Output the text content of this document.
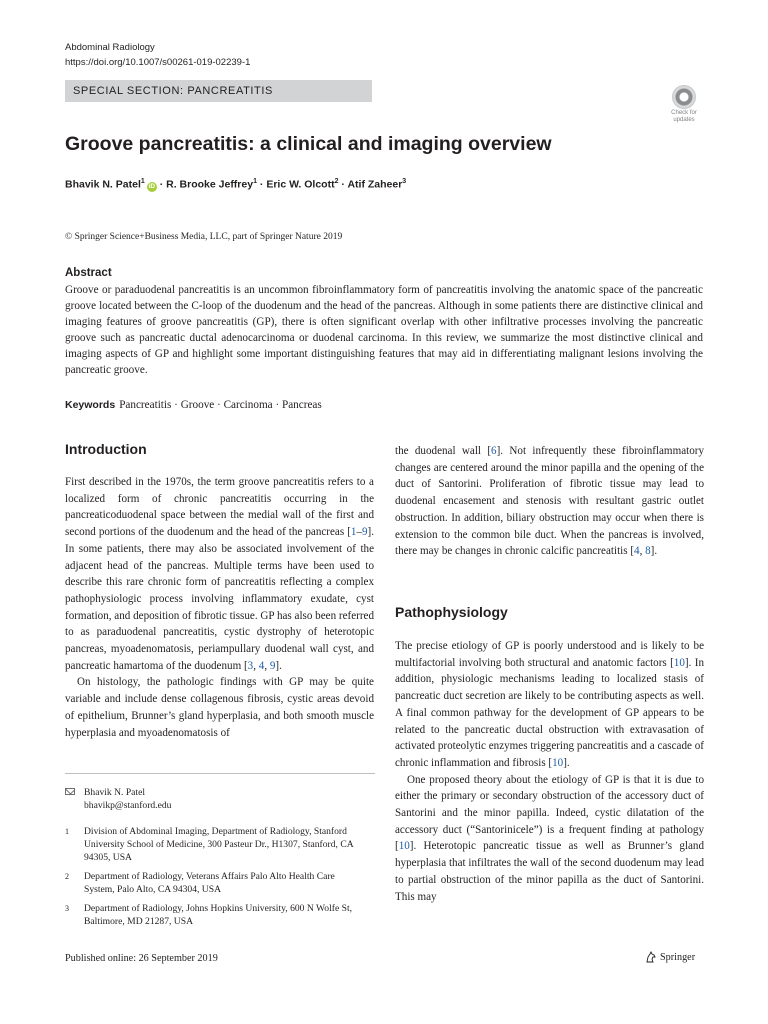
Abdominal Radiology
https://doi.org/10.1007/s00261-019-02239-1
SPECIAL SECTION: PANCREATITIS
Check for
updates
Groove pancreatitis: a clinical and imaging overview
Bhavik N. Patel$^1$iD · R. Brooke Jeffrey$^1$ · Eric W. Olcott$^2$ · Atif Zaheer$^3$
© Springer Science+Business Media, LLC, part of Springer Nature 2019
Abstract
Groove or paraduodenal pancreatitis is an uncommon fibroinflammatory form of pancreatitis involving the anatomic space of the pancreatic groove located between the C-loop of the duodenum and the head of the pancreas. Although in some patients there are distinctive clinical and imaging features of groove pancreatitis (GP), there is often significant overlap with other infiltrative processes involving the pancreatic groove such as pancreatic ductal adenocarcinoma or duodenal carcinoma. In this review, we summarize the most distinctive clinical and imaging aspects of GP and highlight some important distinguishing features that may aid in differentiating malignant lesions involving the pancreatic groove.
Keywords Pancreatitis · Groove · Carcinoma · Pancreas
Introduction

First described in the 1970s, the term groove pancreatitis refers to a localized form of chronic pancreatitis occurring in the pancreaticoduodenal space between the medial wall of the first and second portions of the duodenum and the head of the pancreas [1–9]. In some patients, there may also be associated involvement of the adjacent head of the pancreas. Multiple terms have been used to describe this rare chronic form of pancreatitis reflecting a complex pathophysiologic process involving inflammatory exudate, cyst formation, and deposition of fibrotic tissue. GP has also been referred to as paraduodenal pancreatitis, cystic dystrophy of heterotopic pancreas, myoadenomatosis, periampullary duodenal wall cyst, and pancreatic hamartoma of the duodenum [3, 4, 9].

On histology, the pathologic findings with GP may be quite variable and include dense collagenous fibrosis, cystic areas devoid of epithelium, Brunner’s gland hyperplasia, and both smooth muscle hyperplasia and myoadenomatosis of

the duodenal wall [6]. Not infrequently these fibroinflammatory changes are centered around the minor papilla and the opening of the duct of Santorini. Proliferation of fibrotic tissue may lead to duodenal encasement and stenosis with resultant gastric outlet obstruction. In addition, biliary obstruction may occur when there is extension to the common bile duct. When the pancreas is involved, there may be changes in chronic calcific pancreatitis [4, 8].

Pathophysiology

The precise etiology of GP is poorly understood and is likely to be multifactorial involving both structural and anatomic factors [10]. In addition, physiologic mechanisms leading to localized stasis of pancreatic duct secretion are likely to be contributing aspects as well. A final common pathway for the development of GP appears to be related to the pancreatic ductal obstruction with extravasation of activated proteolytic enzymes triggering pancreatitis and a cascade of chronic inflammation and fibrosis [10].

One proposed theory about the etiology of GP is that it is due to either the primary or secondary obstruction of the accessory duct of Santorini and the minor papilla. Indeed, cystic dilatation of the accessory duct (“Santorinicele”) is a frequent finding at pathology [10]. Heterotopic pancreatic tissue as well as Brunner’s gland hyperplasia that infiltrates the wall of the second duodenum may lead to partial obstruction of the minor papilla as the duct of Santorini. This may

Bhavik N. Patel
bhavikp@stanford.edu
1 Division of Abdominal Imaging, Department of Radiology, Stanford University School of Medicine, 300 Pasteur Dr., H1307, Stanford, CA 94305, USA
2 Department of Radiology, Veterans Affairs Palo Alto Health Care System, Palo Alto, CA 94304, USA
3 Department of Radiology, Johns Hopkins University, 600 N Wolfe St, Baltimore, MD 21287, USA
Published online: 26 September 2019	Springer
